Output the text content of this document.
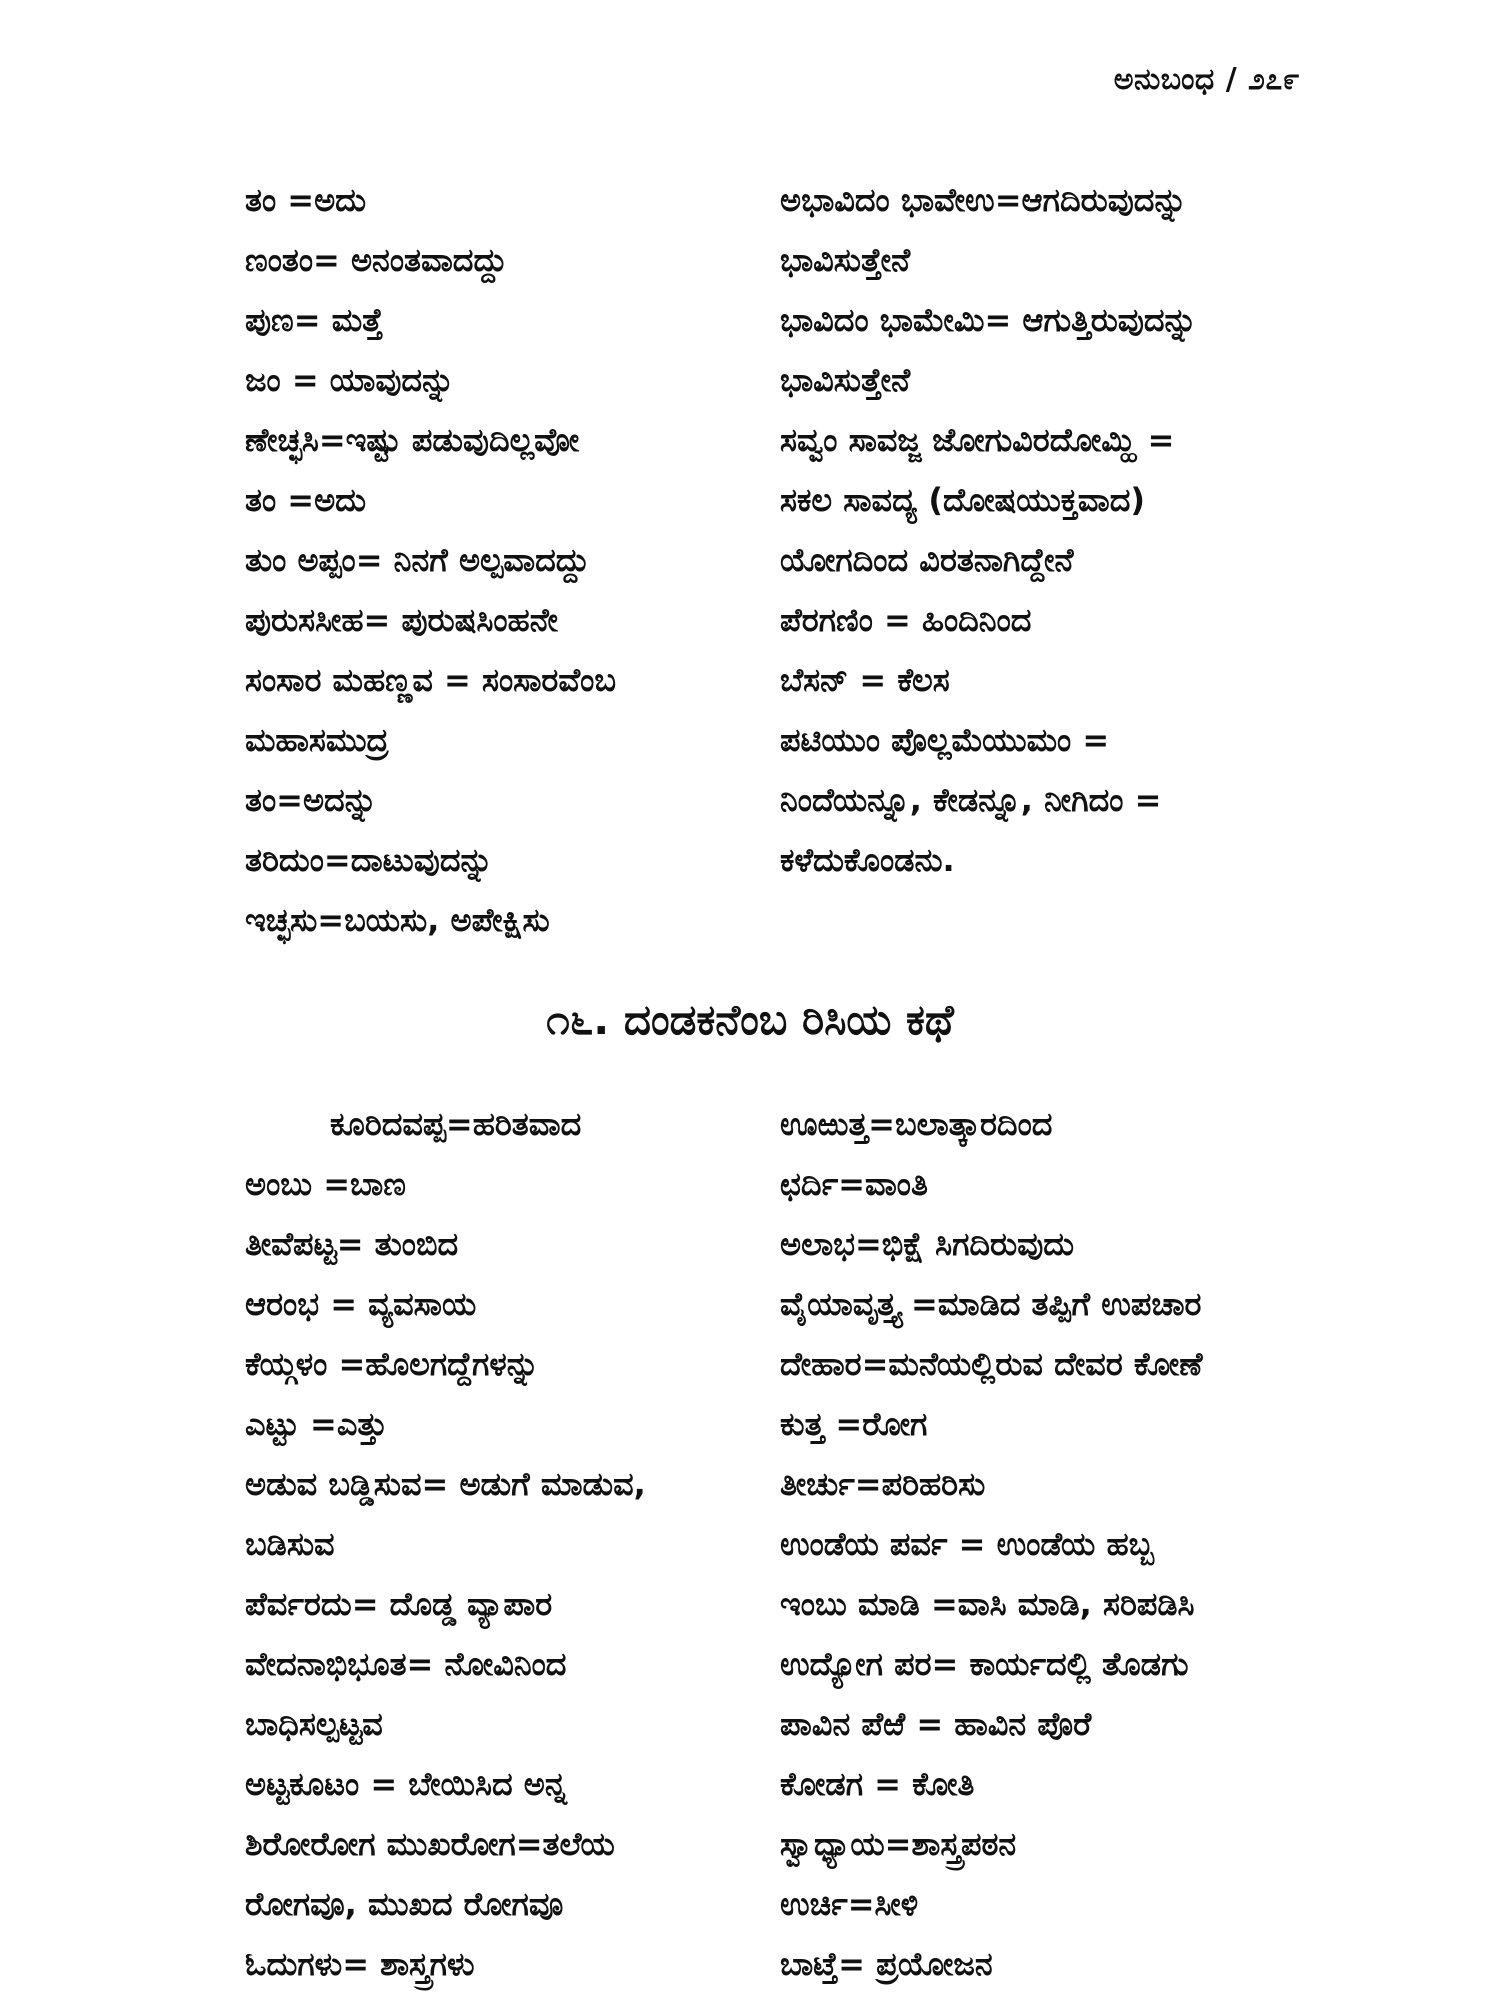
ಅನುಬಂಧ / ೨೭೯
ತಂ =ಅದು
ಣಂತಂ= ಅನಂತವಾದದ್ದು
ಪುಣ= ಮತ್ತೆ
ಜಂ = ಯಾವುದನ್ನು
ಣೇಚ್ಛಸಿ=ಇಷ್ಟು ಪಡುವುದಿಲ್ಲವೋ
ತಂ =ಅದು
ತುಂ ಅಪ್ಪಂ= ನಿನಗೆ ಅಲ್ಪವಾದದ್ದು
ಪುರುಸಸೀಹ= ಪುರುಷಸಿಂಹನೇ
ಸಂಸಾರ ಮಹಣ್ಣವ = ಸಂಸಾರವೆಂಬ
ಮಹಾಸಮುದ್ರ
ತಂ=ಅದನ್ನು
ತರಿದುಂ=ದಾಟುವುದನ್ನು
ಇಚ್ಛಸು=ಬಯಸು, ಅಪೇಕ್ಷಿಸು
ಅಭಾವಿದಂ ಭಾವೇಉ=ಆಗದಿರುವುದನ್ನು
ಭಾವಿಸುತ್ತೇನೆ
ಭಾವಿದಂ ಭಾಮೇಮಿ= ಆಗುತ್ತಿರುವುದನ್ನು
ಭಾವಿಸುತ್ತೇನೆ
ಸವ್ವಂ ಸಾವಜ್ಜ ಜೋಗುವಿರದೋಮ್ಹಿ =
ಸಕಲ ಸಾವದ್ಯ (ದೋಷಯುಕ್ತವಾದ)
ಯೋಗದಿಂದ ವಿರತನಾಗಿದ್ದೇನೆ
ಪೆರಗಣಿಂ = ಹಿಂದಿನಿಂದ
ಬೆಸನ್ = ಕೆಲಸ
ಪಟಿಯುಂ ಪೊಲ್ಲಮೆಯುಮಂ =
ನಿಂದೆಯನ್ನೂ, ಕೇಡನ್ನೂ, ನೀಗಿದಂ =
ಕಳೆದುಕೊಂಡನು.
೧೬. ದಂಡಕನೆಂಬ ರಿಸಿಯ ಕಥೆ
ಕೂರಿದವಪ್ಪ=ಹರಿತವಾದ
ಅಂಬು =ಬಾಣ
ತೀವೆಪಟ್ಟ= ತುಂಬಿದ
ಆರಂಭ = ವ್ಯವಸಾಯ
ಕೆಯ್ಗಳಂ =ಹೊಲಗದ್ದೆಗಳನ್ನು
ಎಟ್ಟು =ಎತ್ತು
ಅಡುವ ಬಡ್ಡಿಸುವ= ಅಡುಗೆ ಮಾಡುವ,
ಬಡಿಸುವ
ಪೆರ್ವರದು= ದೊಡ್ಡ ವ್ಯಾಪಾರ
ವೇದನಾಭಿಭೂತ= ನೋವಿನಿಂದ
ಬಾಧಿಸಲ್ಪಟ್ಟವ
ಅಟ್ಟಕೂಟಂ = ಬೇಯಿಸಿದ ಅನ್ನ
ಶಿರೋರೋಗ ಮುಖರೋಗ=ತಲೆಯ
ರೋಗವೂ, ಮುಖದ ರೋಗವೂ
ಓದುಗಳು= ಶಾಸ್ತ್ರಗಳು
ಊಱುತ್ತ=ಬಲಾತ್ಕಾರದಿಂದ
ಛರ್ದಿ=ವಾಂತಿ
ಅಲಾಭ=ಭಿಕ್ಷೆ ಸಿಗದಿರುವುದು
ವೈಯಾವೃತ್ತ್ಯ =ಮಾಡಿದ ತಪ್ಪಿಗೆ ಉಪಚಾರ
ದೇಹಾರ=ಮನೆಯಲ್ಲಿರುವ ದೇವರ ಕೋಣೆ
ಕುತ್ತ =ರೋಗ
ತೀರ್ಚು=ಪರಿಹರಿಸು
ಉಂಡೆಯ ಪರ್ವ = ಉಂಡೆಯ ಹಬ್ಬ
ಇಂಬು ಮಾಡಿ =ವಾಸಿ ಮಾಡಿ, ಸರಿಪಡಿಸಿ
ಉದ್ಯೋಗ ಪರ= ಕಾರ್ಯದಲ್ಲಿ ತೊಡಗು
ಪಾವಿನ ಪೆಱೆ = ಹಾವಿನ ಪೊರೆ
ಕೋಡಗ = ಕೋತಿ
ಸ್ವಾಧ್ಯಾಯ=ಶಾಸ್ತ್ರಪಠನ
ಉರ್ಚಿ=ಸೀಳಿ
ಬಾಟ್ತೆ= ಪ್ರಯೋಜನ
